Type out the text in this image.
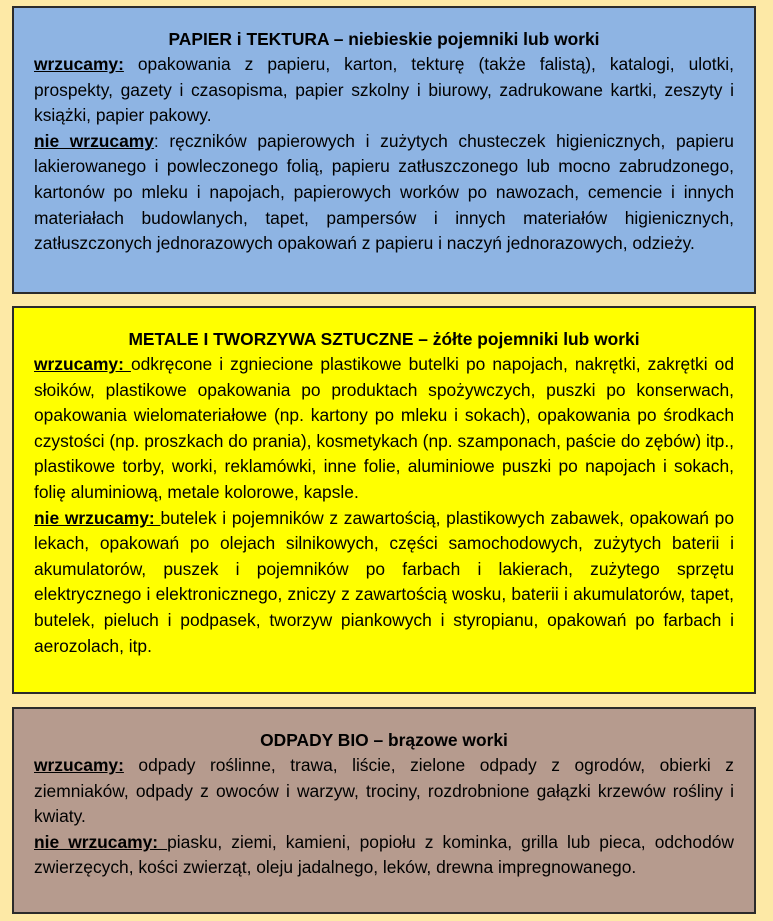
PAPIER i TEKTURA – niebieskie pojemniki lub worki

wrzucamy: opakowania z papieru, karton, tekturę (także falistą), katalogi, ulotki, prospekty, gazety i czasopisma, papier szkolny i biurowy, zadrukowane kartki, zeszyty i książki, papier pakowy.

nie wrzucamy: ręczników papierowych i zużytych chusteczek higienicznych, papieru lakierowanego i powleczonego folią, papieru zatłuszczonego lub mocno zabrudzonego, kartonów po mleku i napojach, papierowych worków po nawozach, cemencie i innych materiałach budowlanych, tapet, pampersów i innych materiałów higienicznych, zatłuszczonych jednorazowych opakowań z papieru i naczyń jednorazowych, odzieży.

METALE I TWORZYWA SZTUCZNE – żółte pojemniki lub worki

wrzucamy: odkręcone i zgniecione plastikowe butelki po napojach, nakrętki, zakrętki od słoików, plastikowe opakowania po produktach spożywczych, puszki po konserwach, opakowania wielomateriałowe (np. kartony po mleku i sokach), opakowania po środkach czystości (np. proszkach do prania), kosmetykach (np. szamponach, paście do zębów) itp., plastikowe torby, worki, reklamówki, inne folie, aluminiowe puszki po napojach i sokach, folię aluminiową, metale kolorowe, kapsle.

nie wrzucamy: butelek i pojemników z zawartością, plastikowych zabawek, opakowań po lekach, opakowań po olejach silnikowych, części samochodowych, zużytych baterii i akumulatorów, puszek i pojemników po farbach i lakierach, zużytego sprzętu elektrycznego i elektronicznego, zniczy z zawartością wosku, baterii i akumulatorów, tapet, butelek, pieluch i podpasek, tworzyw piankowych i styropianu, opakowań po farbach i aerozolach, itp.

ODPADY BIO – brązowe worki

wrzucamy: odpady roślinne, trawa, liście, zielone odpady z ogrodów, obierki z ziemniaków, odpady z owoców i warzyw, trociny, rozdrobnione gałązki krzewów rośliny i kwiaty.

nie wrzucamy: piasku, ziemi, kamieni, popiołu z kominka, grilla lub pieca, odchodów zwierzęcych, kości zwierząt, oleju jadalnego, leków, drewna impregnowanego.
